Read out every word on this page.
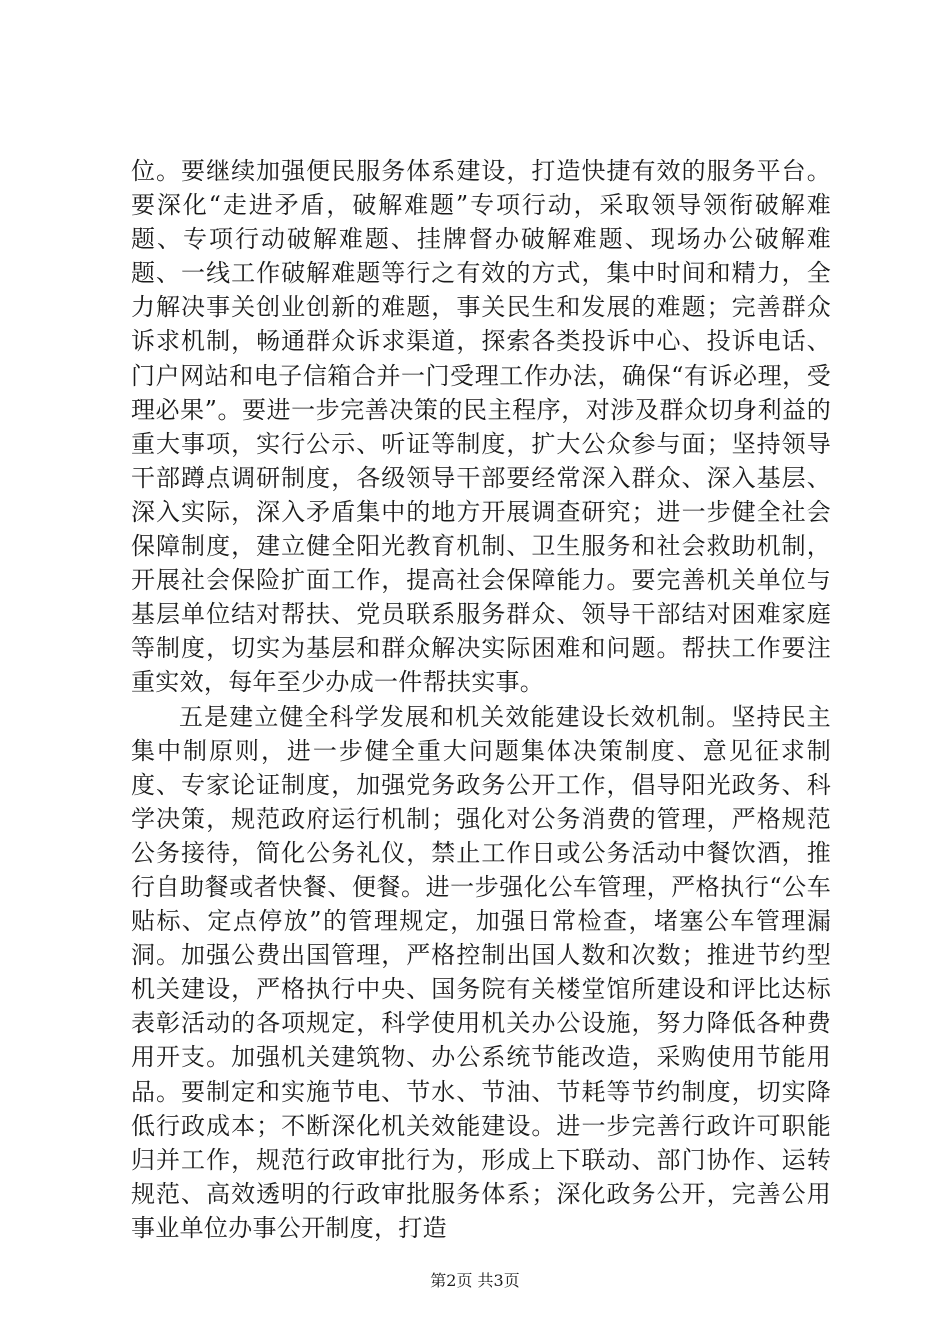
位。要继续加强便民服务体系建设，打造快捷有效的服务平台。要深化“走进矛盾，破解难题”专项行动，采取领导领衔破解难题、专项行动破解难题、挂牌督办破解难题、现场办公破解难题、一线工作破解难题等行之有效的方式，集中时间和精力，全力解决事关创业创新的难题，事关民生和发展的难题；完善群众诉求机制，畅通群众诉求渠道，探索各类投诉中心、投诉电话、门户网站和电子信箱合并一门受理工作办法，确保“有诉必理，受理必果”。要进一步完善决策的民主程序，对涉及群众切身利益的重大事项，实行公示、听证等制度，扩大公众参与面；坚持领导干部蹲点调研制度，各级领导干部要经常深入群众、深入基层、深入实际，深入矛盾集中的地方开展调查研究；进一步健全社会保障制度，建立健全阳光教育机制、卫生服务和社会救助机制，开展社会保险扩面工作，提高社会保障能力。要完善机关单位与基层单位结对帮扶、党员联系服务群众、领导干部结对困难家庭等制度，切实为基层和群众解决实际困难和问题。帮扶工作要注重实效，每年至少办成一件帮扶实事。

五是建立健全科学发展和机关效能建设长效机制。坚持民主集中制原则，进一步健全重大问题集体决策制度、意见征求制度、专家论证制度，加强党务政务公开工作，倡导阳光政务、科学决策，规范政府运行机制；强化对公务消费的管理，严格规范公务接待，简化公务礼仪，禁止工作日或公务活动中餐饮酒，推行自助餐或者快餐、便餐。进一步强化公车管理，严格执行“公车贴标、定点停放”的管理规定，加强日常检查，堵塞公车管理漏洞。加强公费出国管理，严格控制出国人数和次数；推进节约型机关建设，严格执行中央、国务院有关楼堂馆所建设和评比达标表彰活动的各项规定，科学使用机关办公设施，努力降低各种费用开支。加强机关建筑物、办公系统节能改造，采购使用节能用品。要制定和实施节电、节水、节油、节耗等节约制度，切实降低行政成本；不断深化机关效能建设。进一步完善行政许可职能归并工作，规范行政审批行为，形成上下联动、部门协作、运转规范、高效透明的行政审批服务体系；深化政务公开，完善公用事业单位办事公开制度，打造

第2页 共3页
